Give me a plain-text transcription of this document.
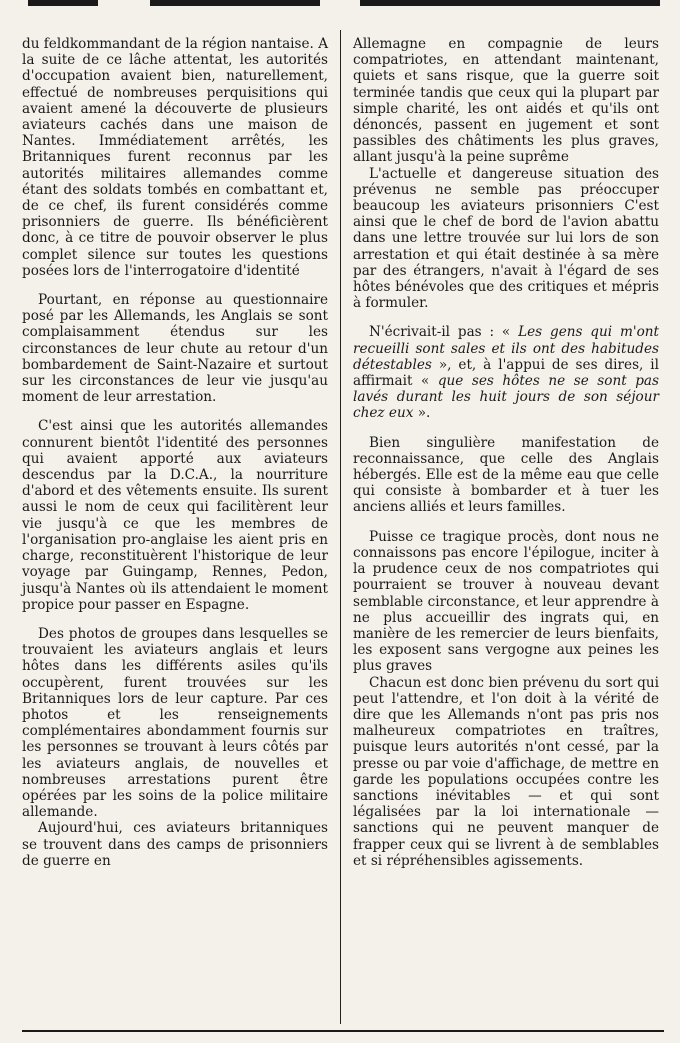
du feldkommandant de la région nantaise. A la suite de ce lâche attentat, les autorités d'occupation avaient bien, naturellement, effectué de nombreuses perquisitions qui avaient amené la découverte de plusieurs aviateurs cachés dans une maison de Nantes. Immédiatement arrêtés, les Britanniques furent reconnus par les autorités militaires allemandes comme étant des soldats tombés en combattant et, de ce chef, ils furent considérés comme prisonniers de guerre. Ils bénéficièrent donc, à ce titre de pouvoir observer le plus complet silence sur toutes les questions posées lors de l'interrogatoire d'identité

Pourtant, en réponse au questionnaire posé par les Allemands, les Anglais se sont complaisamment étendus sur les circonstances de leur chute au retour d'un bombardement de Saint-Nazaire et surtout sur les circonstances de leur vie jusqu'au moment de leur arrestation.

C'est ainsi que les autorités allemandes connurent bientôt l'identité des personnes qui avaient apporté aux aviateurs descendus par la D.C.A., la nourriture d'abord et des vêtements ensuite. Ils surent aussi le nom de ceux qui facilitèrent leur vie jusqu'à ce que les membres de l'organisation pro-anglaise les aient pris en charge, reconstituèrent l'historique de leur voyage par Guingamp, Rennes, Pedon, jusqu'à Nantes où ils attendaient le moment propice pour passer en Espagne.

Des photos de groupes dans lesquelles se trouvaient les aviateurs anglais et leurs hôtes dans les différents asiles qu'ils occupèrent, furent trouvées sur les Britanniques lors de leur capture. Par ces photos et les renseignements complémentaires abondamment fournis sur les personnes se trouvant à leurs côtés par les aviateurs anglais, de nouvelles et nombreuses arrestations purent être opérées par les soins de la police militaire allemande.

Aujourd'hui, ces aviateurs britanniques se trouvent dans des camps de prisonniers de guerre en

Allemagne en compagnie de leurs compatriotes, en attendant maintenant, quiets et sans risque, que la guerre soit terminée tandis que ceux qui la plupart par simple charité, les ont aidés et qu'ils ont dénoncés, passent en jugement et sont passibles des châtiments les plus graves, allant jusqu'à la peine suprême

L'actuelle et dangereuse situation des prévenus ne semble pas préoccuper beaucoup les aviateurs prisonniers C'est ainsi que le chef de bord de l'avion abattu dans une lettre trouvée sur lui lors de son arrestation et qui était destinée à sa mère par des étrangers, n'avait à l'égard de ses hôtes bénévoles que des critiques et mépris à formuler.

N'écrivait-il pas : « Les gens qui m'ont recueilli sont sales et ils ont des habitudes détestables », et, à l'appui de ses dires, il affirmait « que ses hôtes ne se sont pas lavés durant les huit jours de son séjour chez eux ».

Bien singulière manifestation de reconnaissance, que celle des Anglais hébergés. Elle est de la même eau que celle qui consiste à bombarder et à tuer les anciens alliés et leurs familles.

Puisse ce tragique procès, dont nous ne connaissons pas encore l'épilogue, inciter à la prudence ceux de nos compatriotes qui pourraient se trouver à nouveau devant semblable circonstance, et leur apprendre à ne plus accueillir des ingrats qui, en manière de les remercier de leurs bienfaits, les exposent sans vergogne aux peines les plus graves

Chacun est donc bien prévenu du sort qui peut l'attendre, et l'on doit à la vérité de dire que les Allemands n'ont pas pris nos malheureux compatriotes en traîtres, puisque leurs autorités n'ont cessé, par la presse ou par voie d'affichage, de mettre en garde les populations occupées contre les sanctions inévitables — et qui sont légalisées par la loi internationale — sanctions qui ne peuvent manquer de frapper ceux qui se livrent à de semblables et si répréhensibles agissements.
